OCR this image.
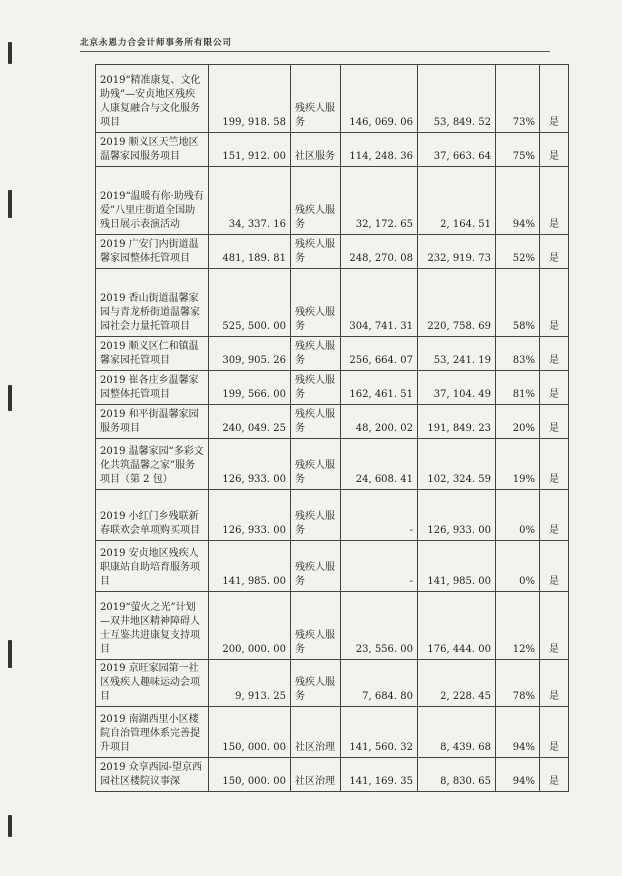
北京永恩力合会计师事务所有限公司
2019“精准康复、文化助残”—安贞地区残疾人康复融合与文化服务项目	199, 918. 58	残疾人服务	146, 069. 06	53, 849. 52	73%	是
2019 顺义区天竺地区温馨家园服务项目	151, 912. 00	社区服务	114, 248. 36	37, 663. 64	75%	是
2019“温暖有你·助残有爱”八里庄街道全国助残日展示表演活动	34, 337. 16	残疾人服务	32, 172. 65	2, 164. 51	94%	是
2019 广安门内街道温馨家园整体托管项目	481, 189. 81	残疾人服务	248, 270. 08	232, 919. 73	52%	是
2019 香山街道温馨家园与青龙桥街道温馨家园社会力量托管项目	525, 500. 00	残疾人服务	304, 741. 31	220, 758. 69	58%	是
2019 顺义区仁和镇温馨家园托管项目	309, 905. 26	残疾人服务	256, 664. 07	53, 241. 19	83%	是
2019 崔各庄乡温馨家园整体托管项目	199, 566. 00	残疾人服务	162, 461. 51	37, 104. 49	81%	是
2019 和平街温馨家园服务项目	240, 049. 25	残疾人服务	48, 200. 02	191, 849. 23	20%	是
2019 温馨家园“多彩文化共筑温馨之家”服务项目（第 2 包）	126, 933. 00	残疾人服务	24, 608. 41	102, 324. 59	19%	是
2019 小红门乡残联新春联欢会单项购买项目	126, 933. 00	残疾人服务	-	126, 933. 00	0%	是
2019 安贞地区残疾人职康站自助培育服务项目	141, 985. 00	残疾人服务	-	141, 985. 00	0%	是
2019“萤火之光”计划—双井地区精神障碍人士互鉴共进康复支持项目	200, 000. 00	残疾人服务	23, 556. 00	176, 444. 00	12%	是
2019 京旺家园第一社区残疾人趣味运动会项目	9, 913. 25	残疾人服务	7, 684. 80	2, 228. 45	78%	是
2019 南湖西里小区楼院自治管理体系完善提升项目	150, 000. 00	社区治理	141, 560. 32	8, 439. 68	94%	是
2019 众享西园-望京西园社区楼院议事深	150, 000. 00	社区治理	141, 169. 35	8, 830. 65	94%	是
